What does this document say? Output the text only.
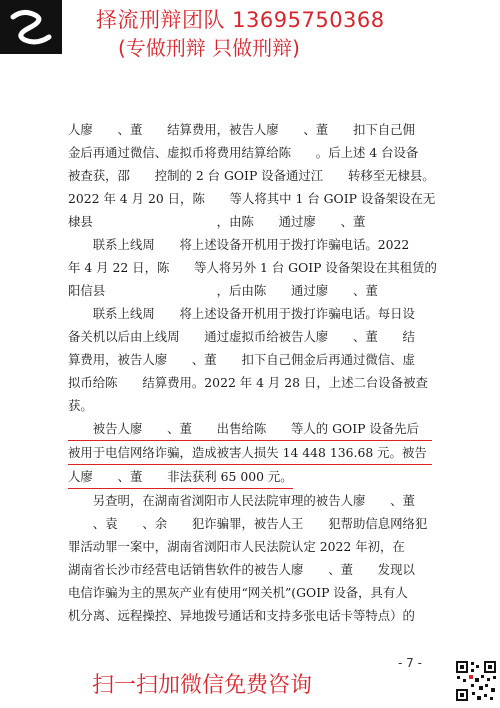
择流刑辩团队 13695750368
(专做刑辩 只做刑辩)
人廖　　、董　　结算费用，被告人廖　　、董　　扣下自己佣
金后再通过微信、虚拟币将费用结算给陈　　。后上述 4 台设备
被查获，邵　　控制的 2 台 GOIP 设备通过江　　转移至无棣县。
2022 年 4 月 20 日，陈　　等人将其中 1 台 GOIP 设备架设在无
棣县　　　　　　　　　　，由陈　　通过廖　　、董
　　联系上线周　　将上述设备开机用于拨打诈骗电话。2022
年 4 月 22 日，陈　　等人将另外 1 台 GOIP 设备架设在其租赁的
阳信县　　　　　　　　　，后由陈　　通过廖　　、董
　　联系上线周　　将上述设备开机用于拨打诈骗电话。每日设
备关机以后由上线周　　通过虚拟币给被告人廖　　、董　　结
算费用，被告人廖　　、董　　扣下自己佣金后再通过微信、虚
拟币给陈　　结算费用。2022 年 4 月 28 日，上述二台设备被查
获。
　　被告人廖　　、董　　出售给陈　　等人的 GOIP 设备先后
被用于电信网络诈骗，造成被害人损失 14 448 136.68 元。被告
人廖　　、董　　非法获利 65 000 元。
　　另查明，在湖南省浏阳市人民法院审理的被告人廖　　、董
　　、袁　　、余　　犯诈骗罪，被告人王　　犯帮助信息网络犯
罪活动罪一案中，湖南省浏阳市人民法院认定 2022 年初，在
湖南省长沙市经营电话销售软件的被告人廖　　、董　　发现以
电信诈骗为主的黑灰产业有使用“网关机”(GOIP 设备，具有人
机分离、远程操控、异地拨号通话和支持多张电话卡等特点）的
- 7 -
扫一扫加微信免费咨询
